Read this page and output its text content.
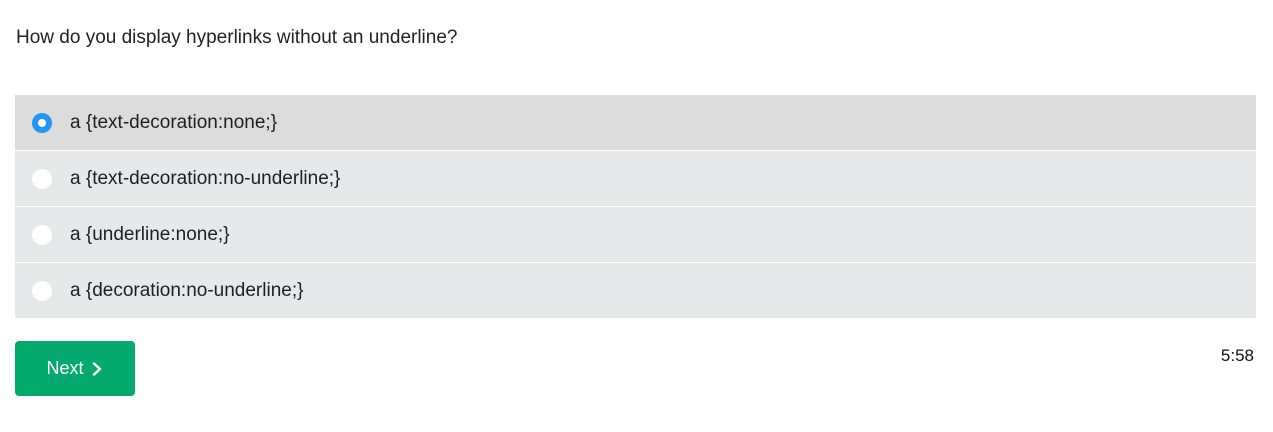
How do you display hyperlinks without an underline?
a {text-decoration:none;}
a {text-decoration:no-underline;}
a {underline:none;}
a {decoration:no-underline;}
Next
5:58
